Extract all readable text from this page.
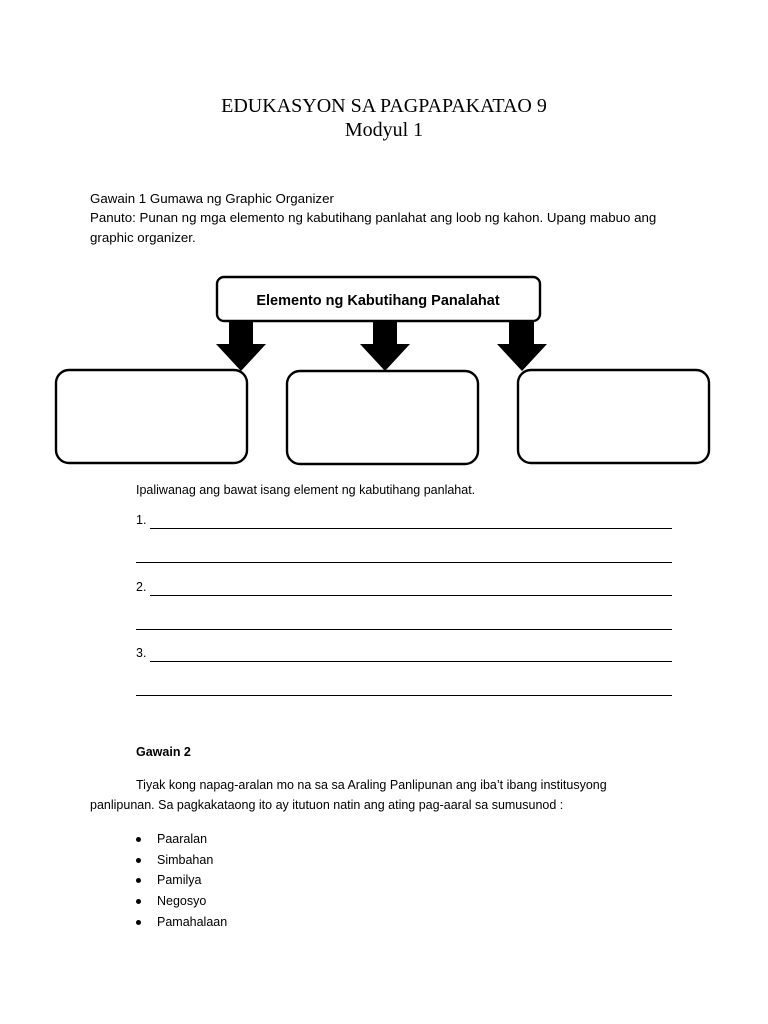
EDUKASYON SA PAGPAPAKATAO 9
Modyul 1
Gawain 1 Gumawa ng Graphic Organizer
Panuto: Punan ng mga elemento ng kabutihang panlahat ang loob ng kahon. Upang mabuo ang graphic organizer.
Elemento ng Kabutihang Panalahat
Ipaliwanag ang bawat isang element ng kabutihang panlahat.
1.
2.
3.
Gawain 2
Tiyak kong napag-aralan mo na sa sa Araling Panlipunan ang iba’t ibang institusyong
panlipunan. Sa pagkakataong ito ay itutuon natin ang ating pag-aaral sa sumusunod :
Paaralan
Simbahan
Pamilya
Negosyo
Pamahalaan
